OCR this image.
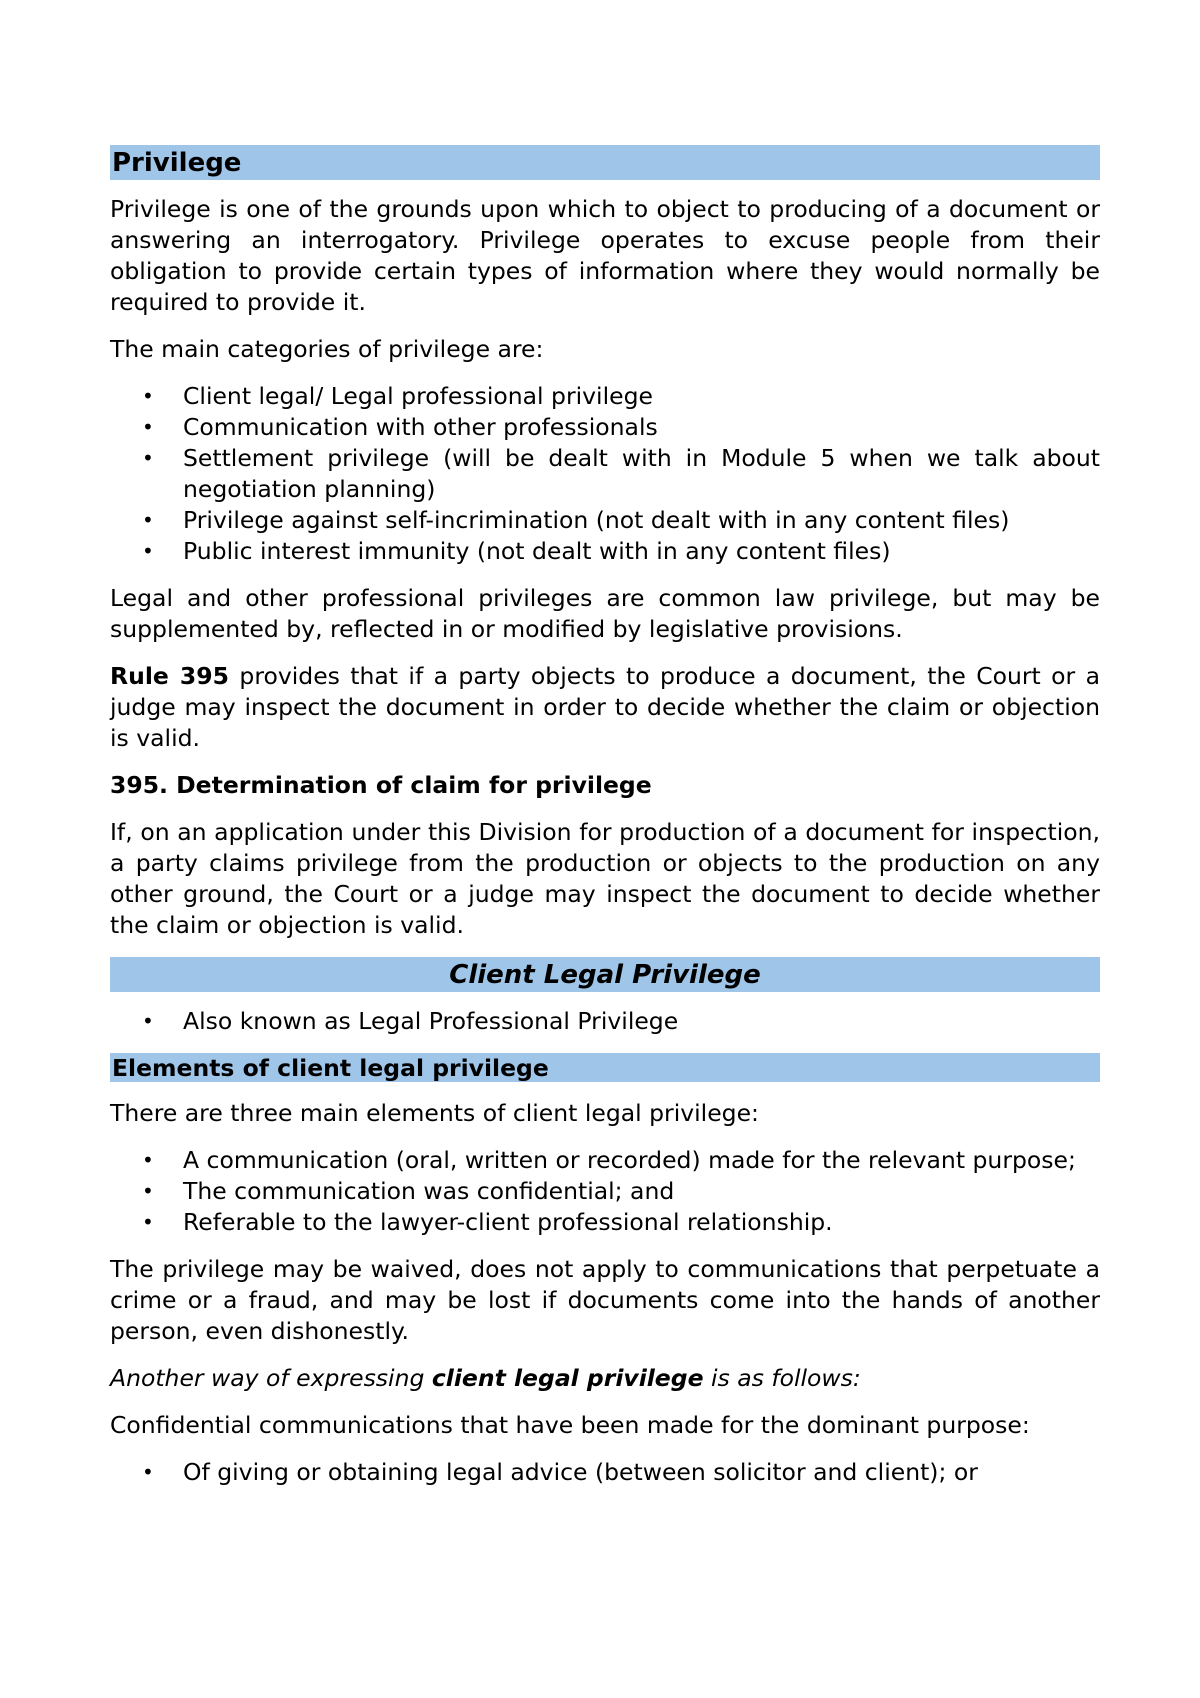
Privilege

Privilege is one of the grounds upon which to object to producing of a document or answering an interrogatory. Privilege operates to excuse people from their obligation to provide certain types of information where they would normally be required to provide it.

The main categories of privilege are:

• Client legal/ Legal professional privilege
• Communication with other professionals
• Settlement privilege (will be dealt with in Module 5 when we talk about negotiation planning)
• Privilege against self-incrimination (not dealt with in any content files)
• Public interest immunity (not dealt with in any content files)

Legal and other professional privileges are common law privilege, but may be supplemented by, reflected in or modified by legislative provisions.

Rule 395 provides that if a party objects to produce a document, the Court or a judge may inspect the document in order to decide whether the claim or objection is valid.

395. Determination of claim for privilege

If, on an application under this Division for production of a document for inspection, a party claims privilege from the production or objects to the production on any other ground, the Court or a judge may inspect the document to decide whether the claim or objection is valid.

Client Legal Privilege
• Also known as Legal Professional Privilege
Elements of client legal privilege

There are three main elements of client legal privilege:

• A communication (oral, written or recorded) made for the relevant purpose;
• The communication was confidential; and
• Referable to the lawyer-client professional relationship.

The privilege may be waived, does not apply to communications that perpetuate a crime or a fraud, and may be lost if documents come into the hands of another person, even dishonestly.

Another way of expressing client legal privilege is as follows:

Confidential communications that have been made for the dominant purpose:

• Of giving or obtaining legal advice (between solicitor and client); or
